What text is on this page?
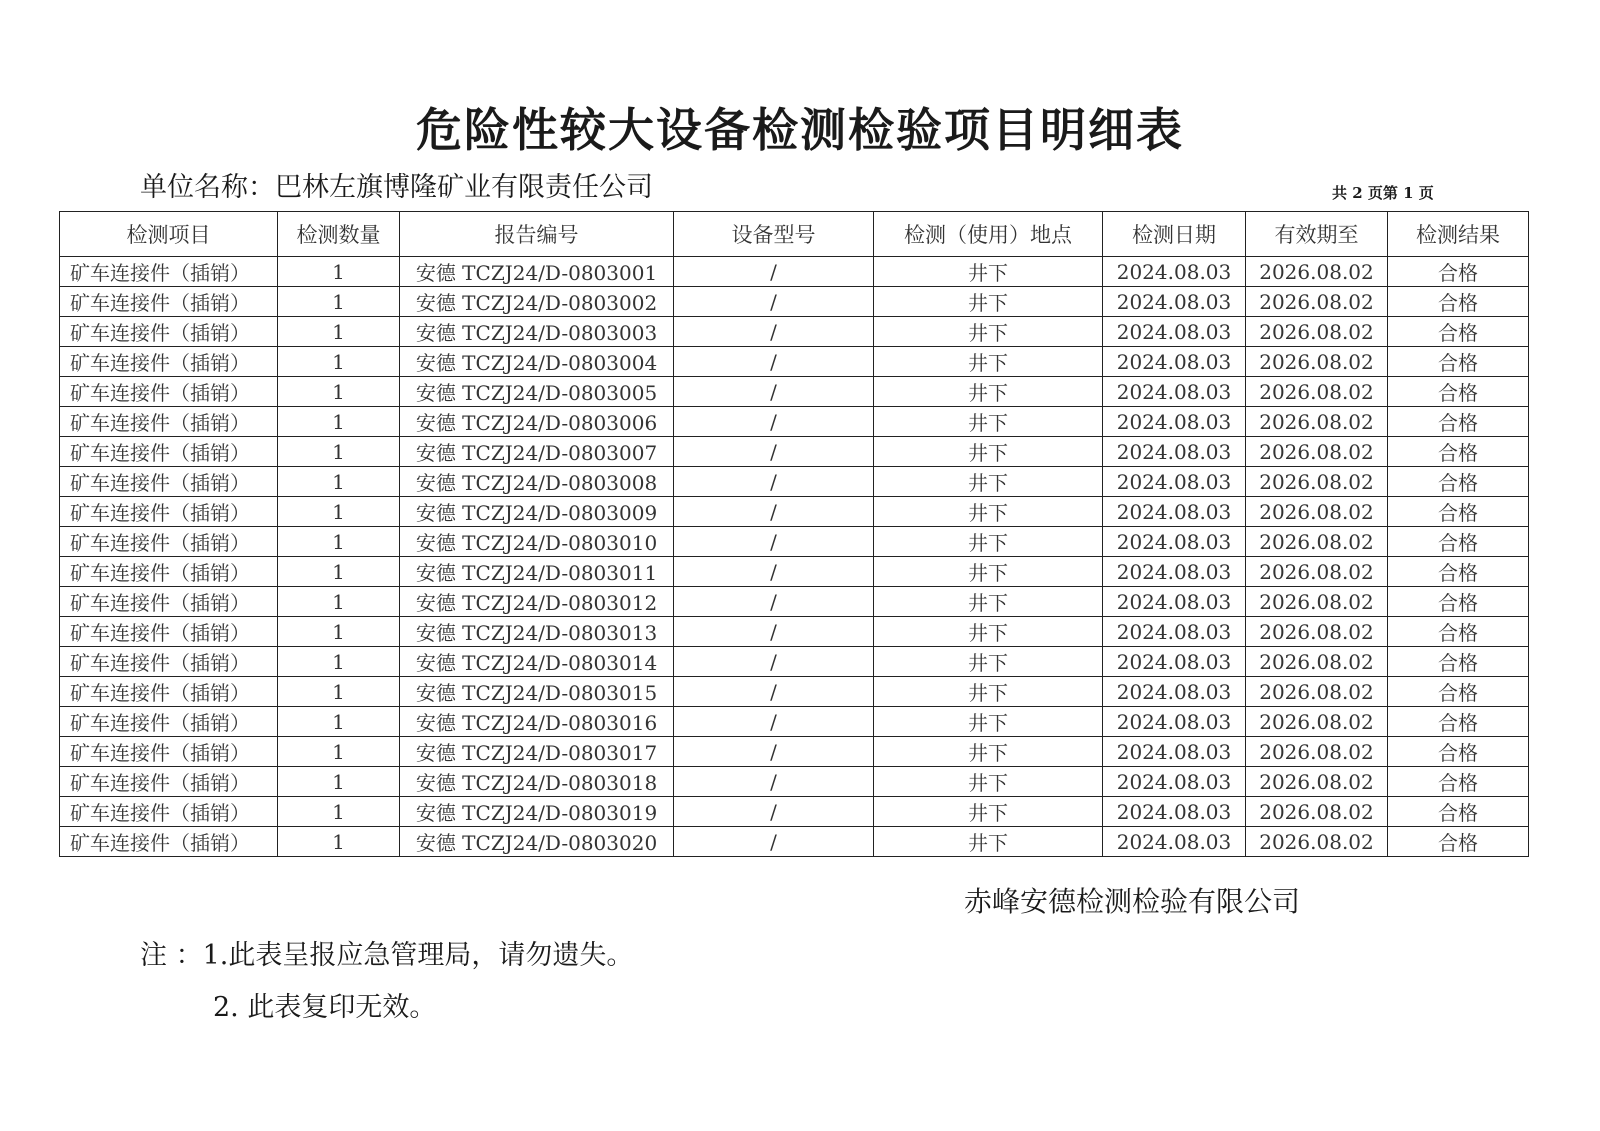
危险性较大设备检测检验项目明细表
单位名称：巴林左旗博隆矿业有限责任公司	共 2 页第 1 页
检测项目	检测数量	报告编号	设备型号	检测（使用）地点	检测日期	有效期至	检测结果
矿车连接件（插销）	1	安德 TCZJ24/D-0803001	/	井下	2024.08.03	2026.08.02	合格
矿车连接件（插销）	1	安德 TCZJ24/D-0803002	/	井下	2024.08.03	2026.08.02	合格
矿车连接件（插销）	1	安德 TCZJ24/D-0803003	/	井下	2024.08.03	2026.08.02	合格
矿车连接件（插销）	1	安德 TCZJ24/D-0803004	/	井下	2024.08.03	2026.08.02	合格
矿车连接件（插销）	1	安德 TCZJ24/D-0803005	/	井下	2024.08.03	2026.08.02	合格
矿车连接件（插销）	1	安德 TCZJ24/D-0803006	/	井下	2024.08.03	2026.08.02	合格
矿车连接件（插销）	1	安德 TCZJ24/D-0803007	/	井下	2024.08.03	2026.08.02	合格
矿车连接件（插销）	1	安德 TCZJ24/D-0803008	/	井下	2024.08.03	2026.08.02	合格
矿车连接件（插销）	1	安德 TCZJ24/D-0803009	/	井下	2024.08.03	2026.08.02	合格
矿车连接件（插销）	1	安德 TCZJ24/D-0803010	/	井下	2024.08.03	2026.08.02	合格
矿车连接件（插销）	1	安德 TCZJ24/D-0803011	/	井下	2024.08.03	2026.08.02	合格
矿车连接件（插销）	1	安德 TCZJ24/D-0803012	/	井下	2024.08.03	2026.08.02	合格
矿车连接件（插销）	1	安德 TCZJ24/D-0803013	/	井下	2024.08.03	2026.08.02	合格
矿车连接件（插销）	1	安德 TCZJ24/D-0803014	/	井下	2024.08.03	2026.08.02	合格
矿车连接件（插销）	1	安德 TCZJ24/D-0803015	/	井下	2024.08.03	2026.08.02	合格
矿车连接件（插销）	1	安德 TCZJ24/D-0803016	/	井下	2024.08.03	2026.08.02	合格
矿车连接件（插销）	1	安德 TCZJ24/D-0803017	/	井下	2024.08.03	2026.08.02	合格
矿车连接件（插销）	1	安德 TCZJ24/D-0803018	/	井下	2024.08.03	2026.08.02	合格
矿车连接件（插销）	1	安德 TCZJ24/D-0803019	/	井下	2024.08.03	2026.08.02	合格
矿车连接件（插销）	1	安德 TCZJ24/D-0803020	/	井下	2024.08.03	2026.08.02	合格
赤峰安德检测检验有限公司
注 ：1.此表呈报应急管理局，请勿遗失。
2. 此表复印无效。
